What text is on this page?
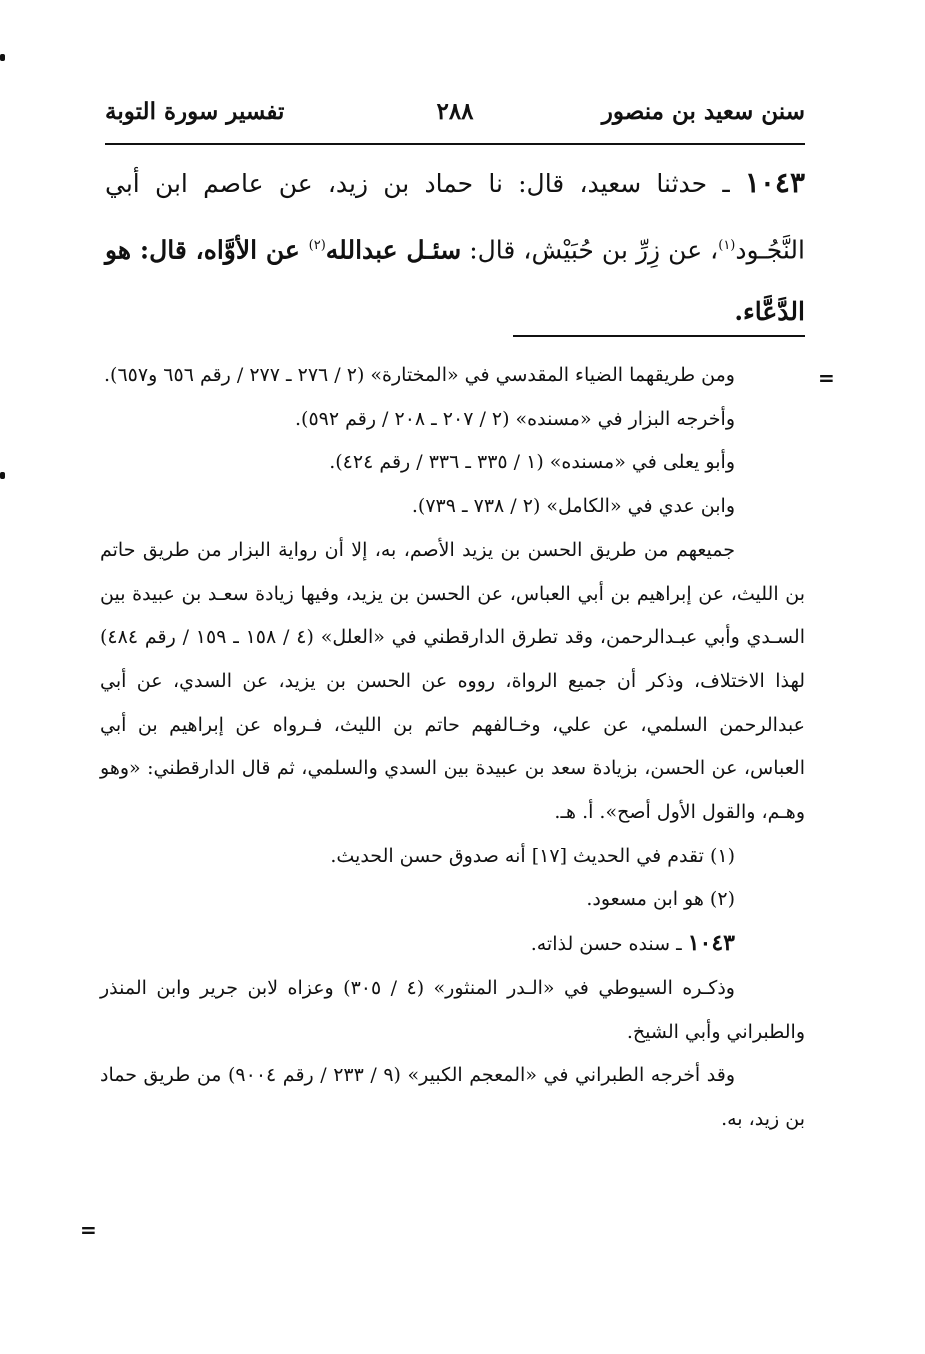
سنن سعيد بن منصور
٢٨٨
تفسير سورة التوبة
١٠٤٣ ـ حدثنا سعيد، قال: نا حماد بن زيد، عن عاصم ابن أبي النَّجُـود$^{(١)}$، عن زِرِّ بن حُبَيْش، قال: سئـل عبدالله$^{(٢)}$ عن الأوَّاه، قال: هو الدَّعَّاء.

ومن طريقهما الضياء المقدسي في «المختارة» (٢ / ٢٧٦ ـ ٢٧٧ / رقم ٦٥٦ و٦٥٧).

وأخرجه البزار في «مسنده» (٢ / ٢٠٧ ـ ٢٠٨ / رقم ٥٩٢).

وأبو يعلى في «مسنده» (١ / ٣٣٥ ـ ٣٣٦ / رقم ٤٢٤).

وابن عدي في «الكامل» (٢ / ٧٣٨ ـ ٧٣٩).

جميعهم من طريق الحسن بن يزيد الأصم، به، إلا أن رواية البزار من طريق حاتم بن الليث، عن إبراهيم بن أبي العباس، عن الحسن بن يزيد، وفيها زيادة سعـد بن عبيدة بين السـدي وأبي عبـدالرحمن، وقد تطرق الدارقطني في «العلل» (٤ / ١٥٨ ـ ١٥٩ / رقم ٤٨٤) لهذا الاختلاف، وذكر أن جميع الرواة، رووه عن الحسن بن يزيد، عن السدي، عن أبي عبدالرحمن السلمي، عن علي، وخـالفهم حاتم بن الليث، فـرواه عن إبراهيم بن أبي العباس، عن الحسن، بزيادة سعد بن عبيدة بين السدي والسلمي، ثم قال الدارقطني: «وهو وهـم، والقول الأول أصح». أ. هـ.

(١) تقدم في الحديث [١٧] أنه صدوق حسن الحديث.

(٢) هو ابن مسعود.

١٠٤٣ ـ سنده حسن لذاته.

وذكـره السيوطي في «الـدر المنثور» (٤ / ٣٠٥) وعزاه لابن جرير وابن المنذر والطبراني وأبي الشيخ.

وقد أخرجه الطبراني في «المعجم الكبير» (٩ / ٢٣٣ / رقم ٩٠٠٤) من طريق حماد بن زيد، به.

=
=
